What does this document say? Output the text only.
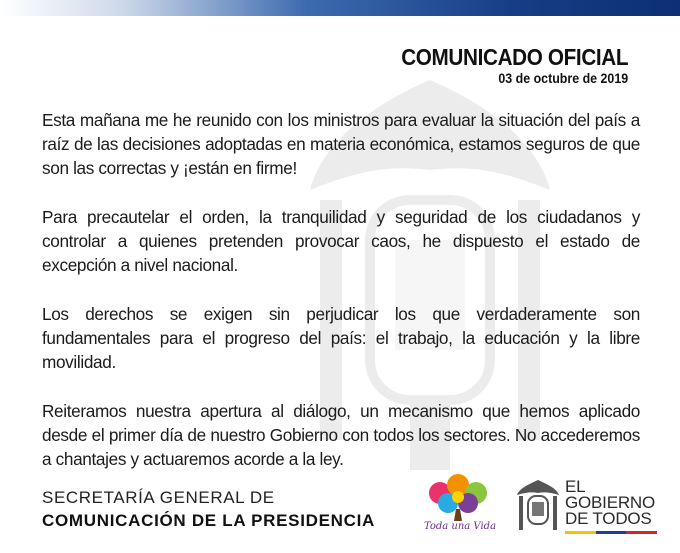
COMUNICADO OFICIAL
03 de octubre de 2019

Esta mañana me he reunido con los ministros para evaluar la situación del país a raíz de las decisiones adoptadas en materia económica, estamos seguros de que son las correctas y ¡están en firme!

Para precautelar el orden, la tranquilidad y seguridad de los ciudadanos y controlar a quienes pretenden provocar caos, he dispuesto el estado de excepción a nivel nacional.

Los derechos se exigen sin perjudicar los que verdaderamente son fundamentales para el progreso del país: el trabajo, la educación y la libre movilidad.

Reiteramos nuestra apertura al diálogo, un mecanismo que hemos aplicado desde el primer día de nuestro Gobierno con todos los sectores. No accederemos a chantajes y actuaremos acorde a la ley.

SECRETARÍA GENERAL DE
COMUNICACIÓN DE LA PRESIDENCIA	Toda una Vida
EL
GOBIERNO
DE TODOS
